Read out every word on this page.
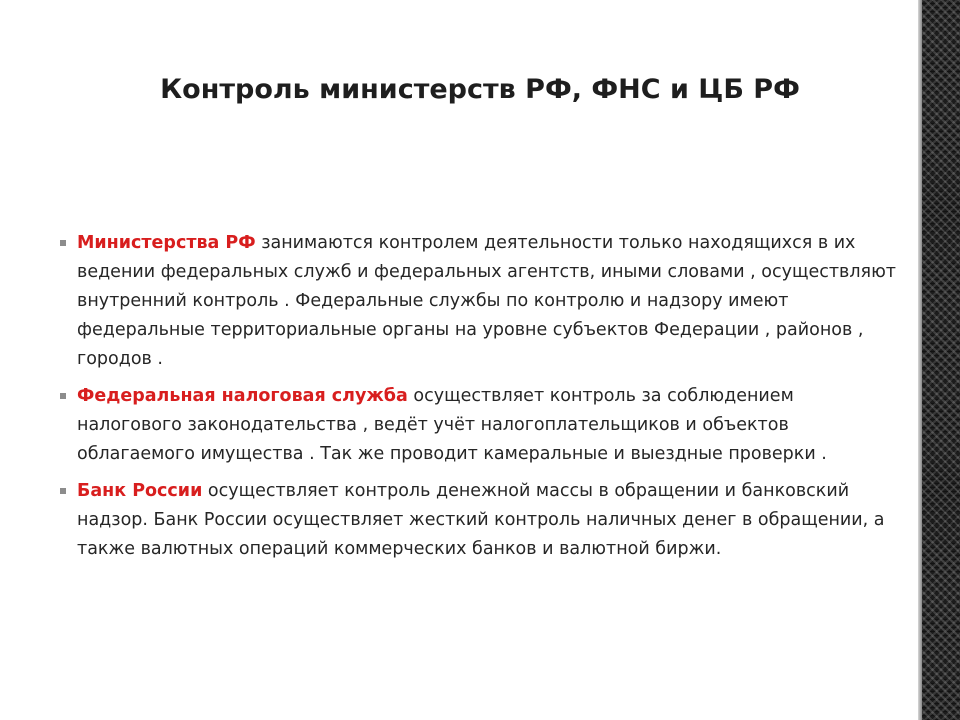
Контроль министерств РФ, ФНС и ЦБ РФ
Министерства РФ занимаются контролем деятельности только находящихся в их ведении федеральных служб и федеральных агентств, иными словами , осуществляют внутренний контроль . Федеральные службы по контролю и надзору имеют федеральные территориальные органы на уровне субъектов Федерации , районов , городов .
Федеральная налоговая служба осуществляет контроль за соблюдением налогового законодательства , ведёт учёт налогоплательщиков и объектов облагаемого имущества . Так же проводит камеральные и выездные проверки .
Банк России осуществляет контроль денежной массы в обращении и банковский надзор. Банк России осуществляет жесткий контроль наличных денег в обращении, а также валютных операций коммерческих банков и валютной биржи.
